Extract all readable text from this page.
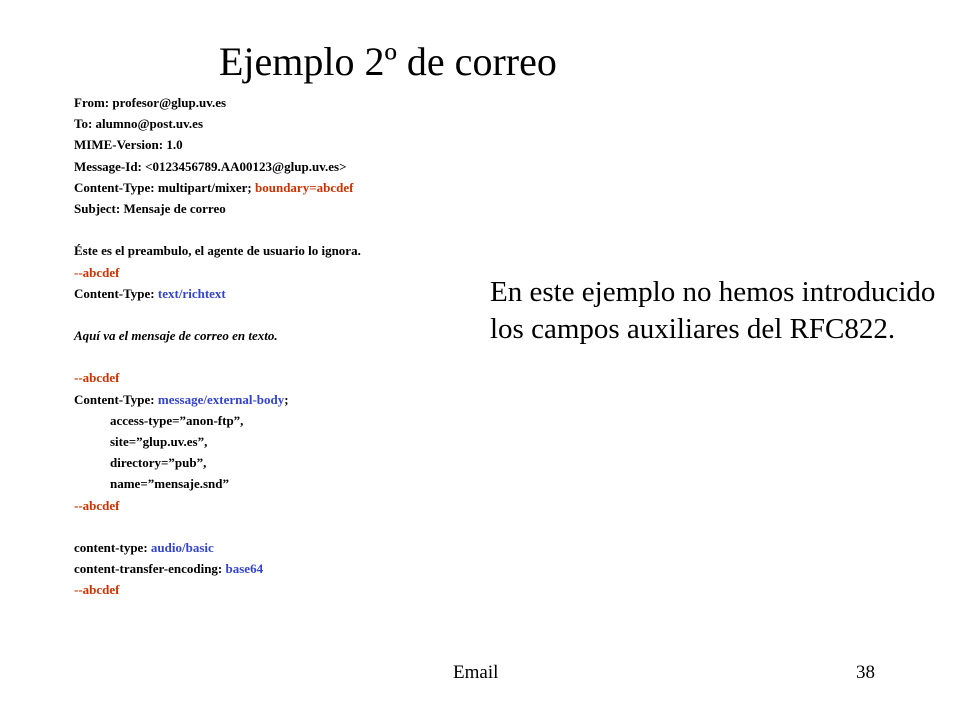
Ejemplo 2º de correo
From: profesor@glup.uv.es
To: alumno@post.uv.es
MIME-Version: 1.0
Message-Id: <0123456789.AA00123@glup.uv.es>
Content-Type: multipart/mixer; boundary=abcdef
Subject: Mensaje de correo
Éste es el preambulo, el agente de usuario lo ignora.
--abcdef
Content-Type: text/richtext
Aquí va el mensaje de correo en texto.
--abcdef
Content-Type: message/external-body;
access-type=”anon-ftp”,
site=”glup.uv.es”,
directory=”pub”,
name=”mensaje.snd”
--abcdef
content-type: audio/basic
content-transfer-encoding: base64
--abcdef
En este ejemplo no hemos introducido los campos auxiliares del RFC822.
Email	38
